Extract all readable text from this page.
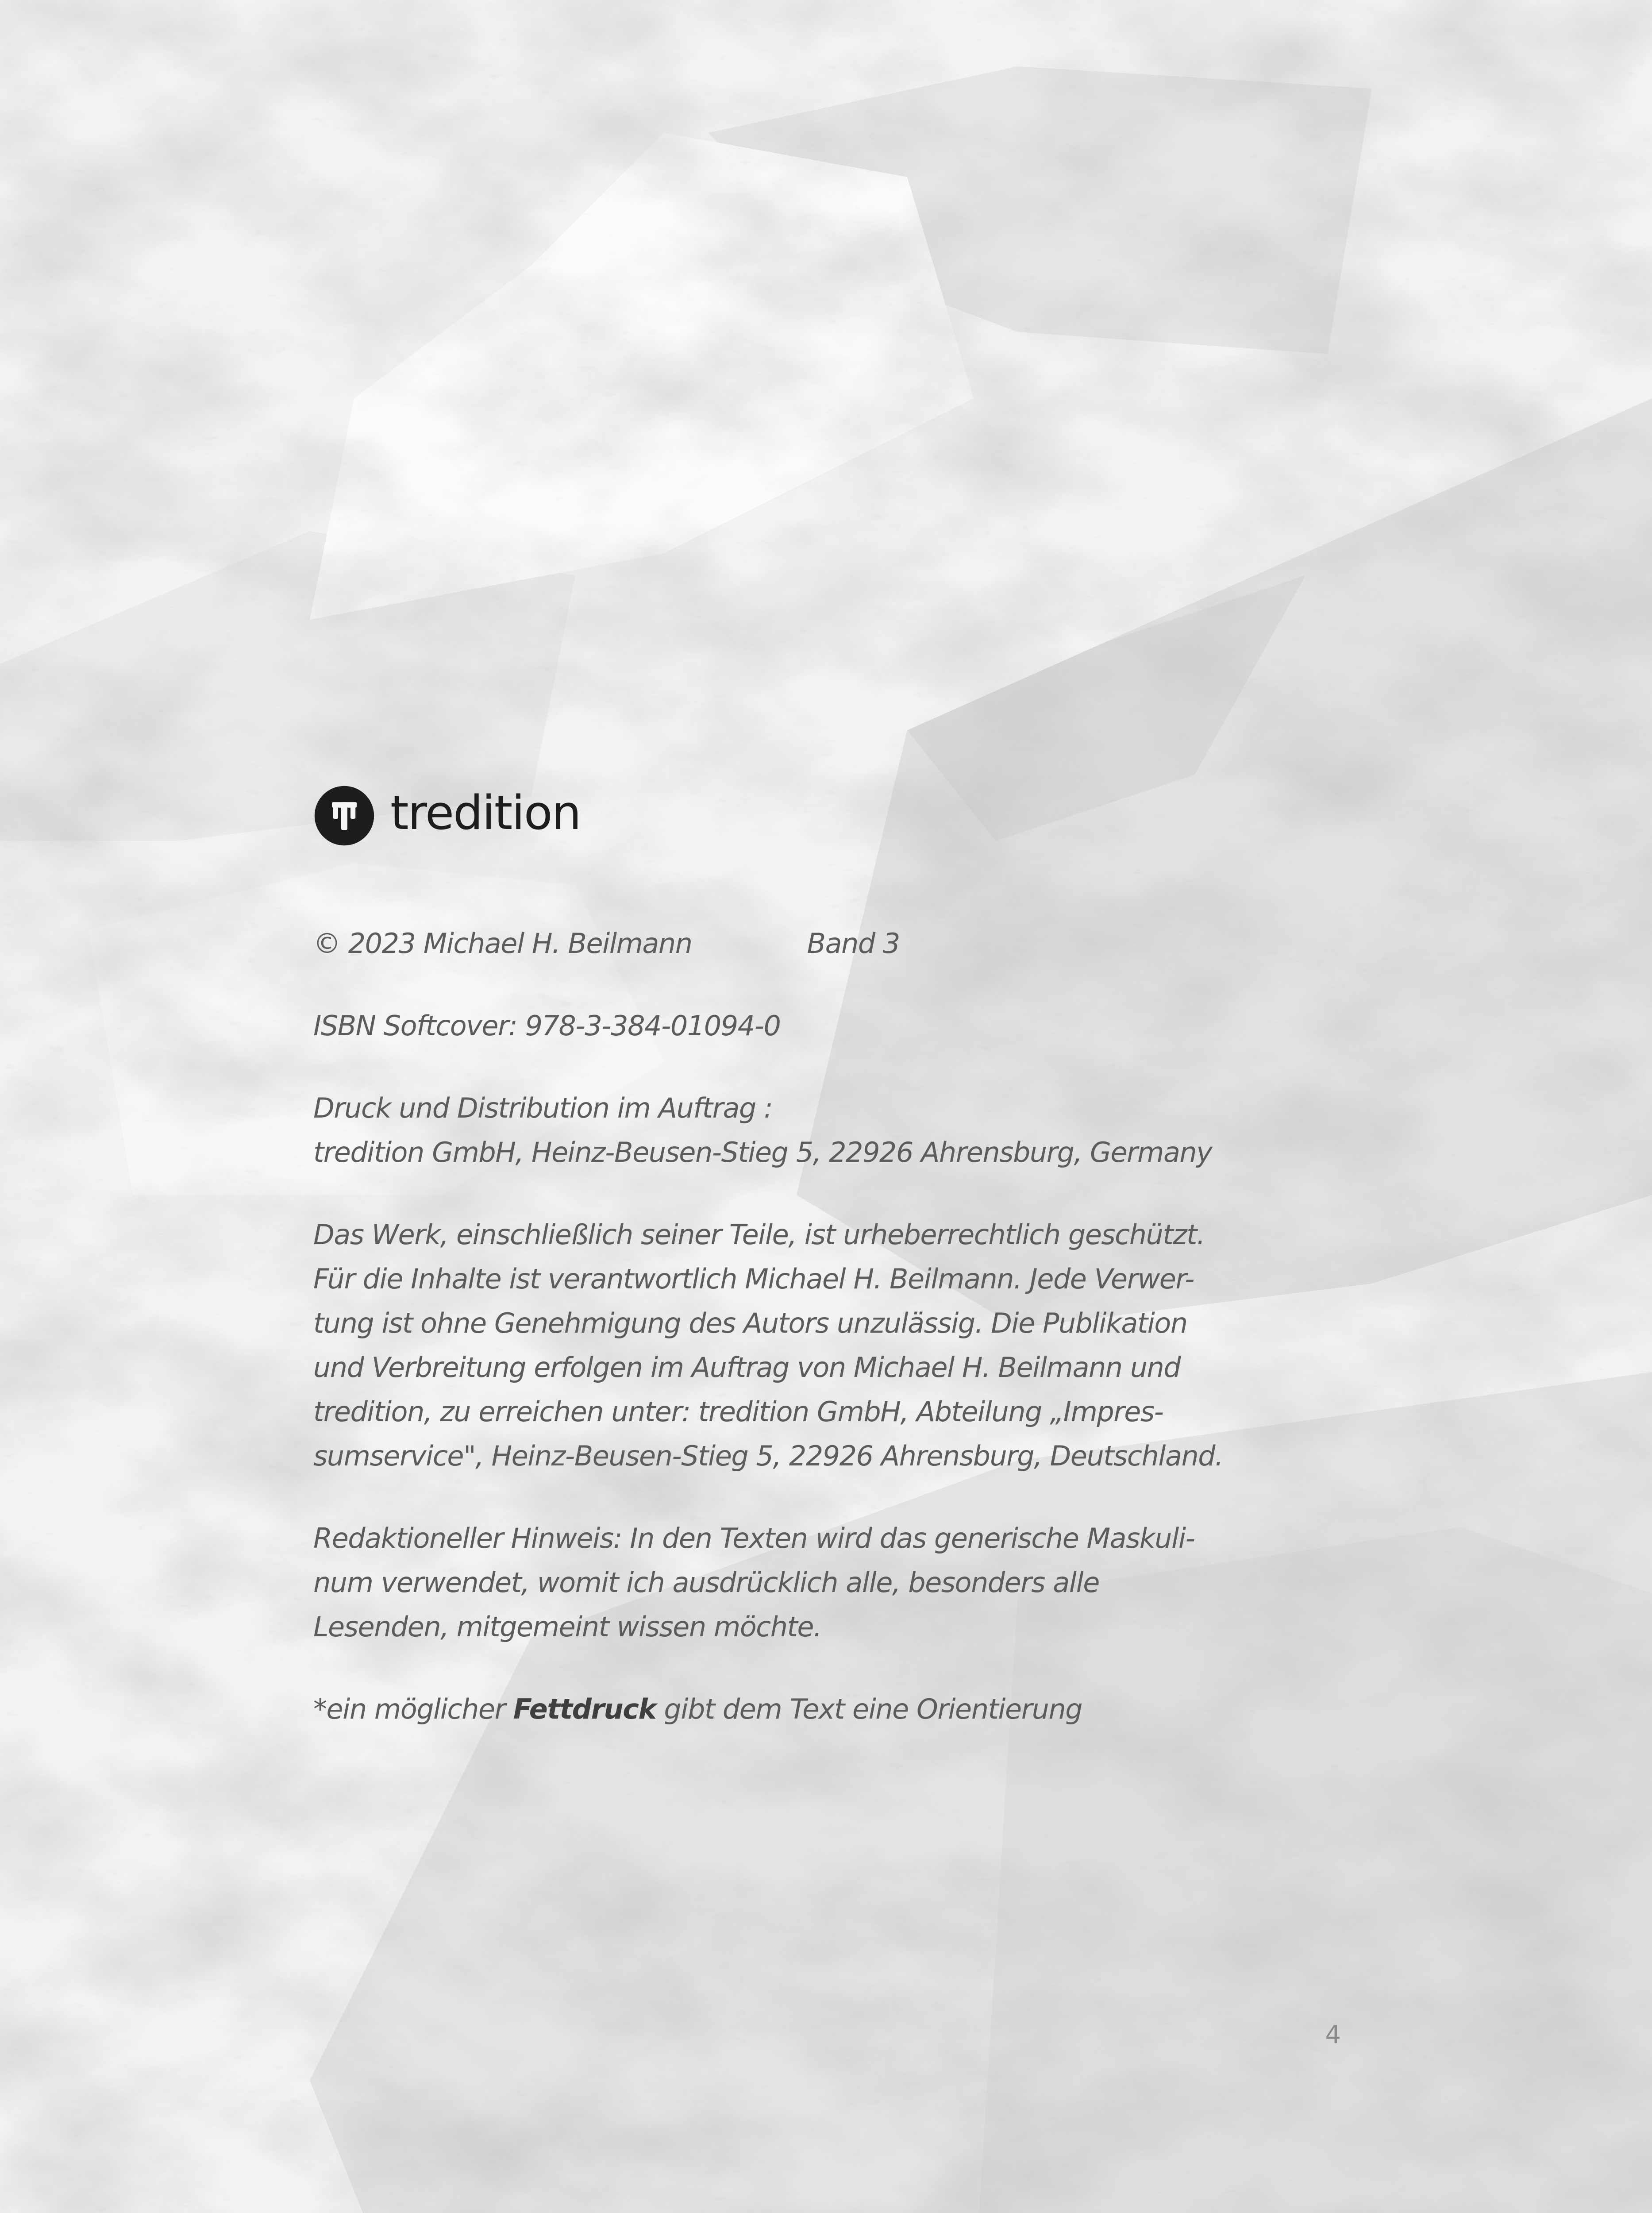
tredition

© 2023 Michael H. Beilmann	Band 3

ISBN Softcover: 978-3-384-01094-0

Druck und Distribution im Auftrag :
tredition GmbH, Heinz-Beusen-Stieg 5, 22926 Ahrensburg, Germany

Das Werk, einschließlich seiner Teile, ist urheberrechtlich geschützt.
Für die Inhalte ist verantwortlich Michael H. Beilmann. Jede Verwer-
tung ist ohne Genehmigung des Autors unzulässig. Die Publikation
und Verbreitung erfolgen im Auftrag von Michael H. Beilmann und
tredition, zu erreichen unter: tredition GmbH, Abteilung „Impres-
sumservice", Heinz-Beusen-Stieg 5, 22926 Ahrensburg, Deutschland.

Redaktioneller Hinweis: In den Texten wird das generische Maskuli-
num verwendet, womit ich ausdrücklich alle, besonders alle
Lesenden, mitgemeint wissen möchte.

*ein möglicher Fettdruck gibt dem Text eine Orientierung

4
